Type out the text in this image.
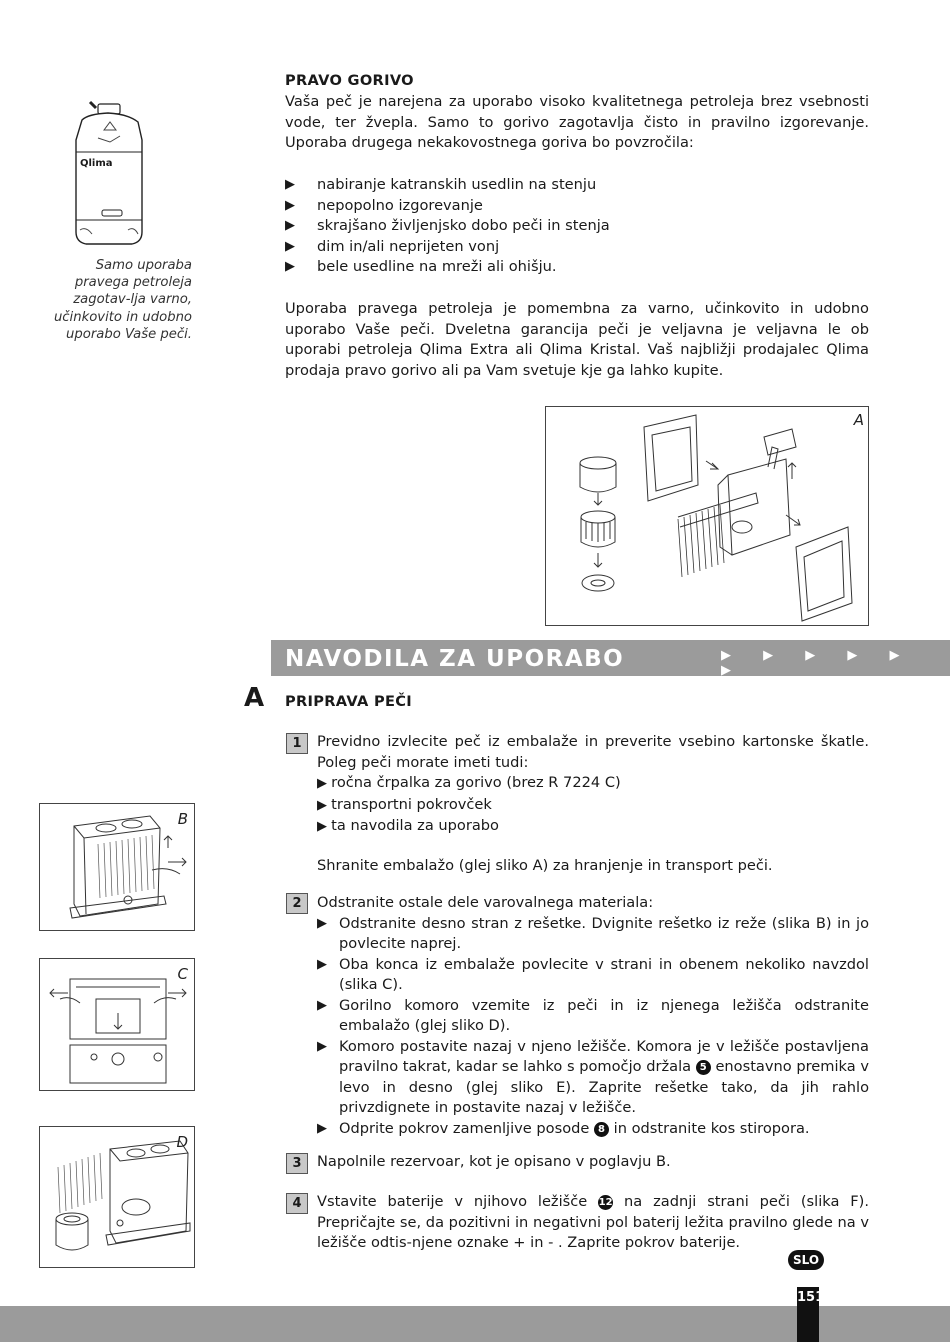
Qlima
Samo uporaba pravega petroleja zagotav-lja varno, učinkovito in udobno uporabo Vaše peči.
PRAVO GORIVO
Vaša peč je narejena za uporabo visoko kvalitetnega petroleja brez vsebnosti vode, ter žvepla. Samo to gorivo zagotavlja čisto in pravilno izgorevanje. Uporaba drugega nekakovostnega goriva bo povzročila:
▶ nabiranje katranskih usedlin na stenju
▶ nepopolno izgorevanje
▶ skrajšano življenjsko dobo peči in stenja
▶ dim in/ali neprijeten vonj
▶ bele usedline na mreži ali ohišju.
Uporaba pravega petroleja je pomembna za varno, učinkovito in udobno uporabo Vaše peči. Dveletna garancija peči je veljavna je veljavna le ob uporabi petroleja Qlima Extra ali Qlima Kristal. Vaš najbližji prodajalec Qlima prodaja pravo gorivo ali pa Vam svetuje kje ga lahko kupite.
A
NAVODILA ZA UPORABO	▶ ▶ ▶ ▶ ▶ ▶
A PRIPRAVA PEČI
B
C
D
1	Previdno izvlecite peč iz embalaže in preverite vsebino kartonske škatle. Poleg peči morate imeti tudi:
▶ ročna črpalka za gorivo (brez R 7224 C)
▶ transportni pokrovček
▶ ta navodila za uporabo
Shranite embalažo (glej sliko A) za hranjenje in transport peči.
2	Odstranite ostale dele varovalnega materiala:
▶ Odstranite desno stran z rešetke. Dvignite rešetko iz reže (slika B) in jo povlecite naprej.
▶ Oba konca iz embalaže povlecite v strani in obenem nekoliko navzdol (slika C).
▶ Gorilno komoro vzemite iz peči in iz njenega ležišča odstranite embalažo (glej sliko D).
▶ Komoro postavite nazaj v njeno ležišče. Komora je v ležišče postavljena pravilno takrat, kadar se lahko s pomočjo držala 5 enostavno premika v levo in desno (glej sliko E). Zaprite rešetke tako, da jih rahlo privzdignete in postavite nazaj v ležišče.
▶ Odprite pokrov zamenljive posode 8 in odstranite kos stiropora.
3	Napolnile rezervoar, kot je opisano v poglavju B.
4	Vstavite baterije v njihovo ležišče 12 na zadnji strani peči (slika F). Prepričajte se, da pozitivni in negativni pol baterij ležita pravilno glede na v ležišče odtis-njene oznake + in - . Zaprite pokrov baterije.
SLO
151
